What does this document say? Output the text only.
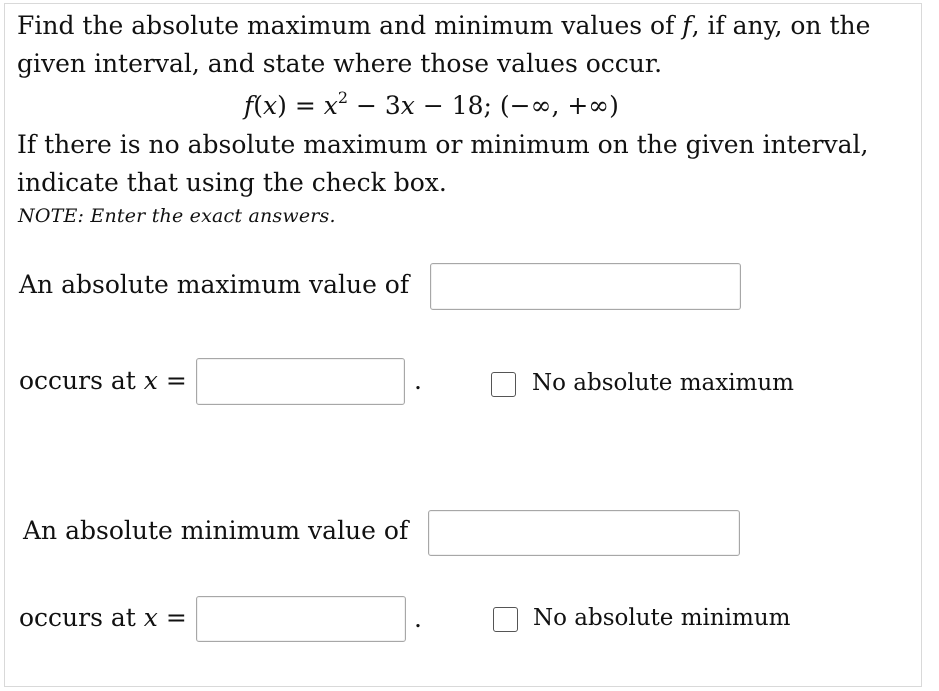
Find the absolute maximum and minimum values of f, if any, on the
given interval, and state where those values occur.
$f(x) = x^2 - 3x - 18$; (−∞, +∞)
If there is no absolute maximum or minimum on the given interval,
indicate that using the check box.
NOTE: Enter the exact answers.
An absolute maximum value of
occurs at x =	.	No absolute maximum
An absolute minimum value of
occurs at x =	.	No absolute minimum
